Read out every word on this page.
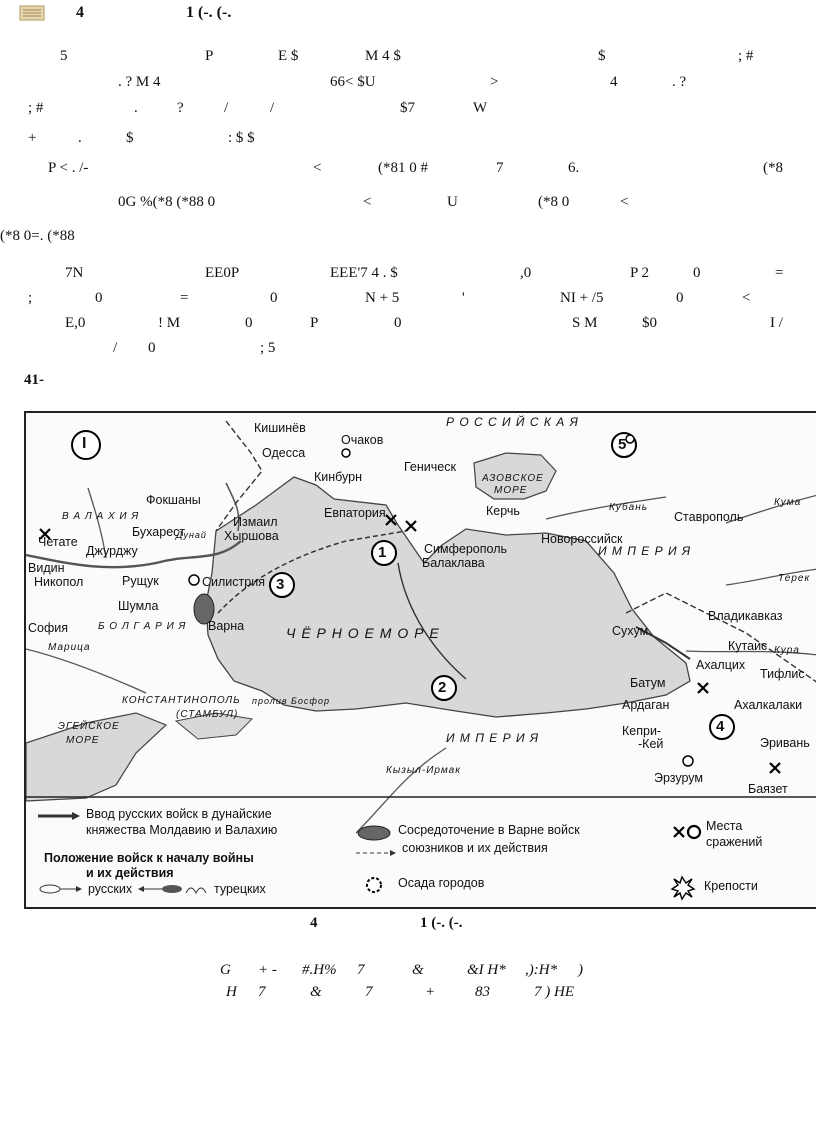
4	1 (-. (-.
5	P	E $	M 4 $	$	; #
. ? M 4	66< $U	>	4	. ?
; #	.	?	/	/	$7	W
+	.	$	: $ $
P < . /-	<	(*81 0 #	7	6.	(*8
0G %(*8 (*88 0	<	U	(*8 0	<
(*8 0=. (*88
7N	EE0P	EEE'7 4 . $	,0	P 2	0	=
;	0	=	0	N + 5	'	NI + /5	0	<
E,0	! M	0	P	0	S M	$0	I /
/ 0	; 5
41-
1
2
3
4
5
I
Кишинёв
Очаков
Одесса
Кинбурн
Геническ
Фокшаны
Евпатория	Керчь	Ставрополь
Измаил
Бухарест	Хыршова	Новороссийск
Симферополь
Балаклава
Четате
Джурджу
Видин
Никопол	Рущук	Силистрия
Шумла
София	Варна
Владикавказ
Сухум
Кутаис
Ахалцих
Тифлис
Батум
Ардаган	Ахалкалаки
Кепри-
-Кей	Эривань
Эрзурум
Баязет
Р О С С И Й С К А Я
И М П Е Р И Я
В А Л А Х И Я
Б О Л Г А Р И Я	Ч Ё Р Н О Е М О Р Е
И М П Е Р И Я
КОНСТАНТИНОПОЛЬ
(СТАМБУЛ)
пролив Босфор
АЗОВСКОЕ
МОРЕ
ЭГЕЙСКОЕ
МОРЕ
Кубань	Кума
Терек
Кура
Марица
Дунай
Кызыл-Ирмак
Ввод русских войск в дунайские
княжества Молдавию и Валахию
Положение войск к началу войны
и их действия
русских	турецких
Сосредоточение в Варне войск
союзников и их действия
Осада городов
Места
сражений
Крепости
4	1 (-. (-.
G + - #.H% 7	&	&I H* ,):H* )
H 7	&	7	+	83	7 ) HE
